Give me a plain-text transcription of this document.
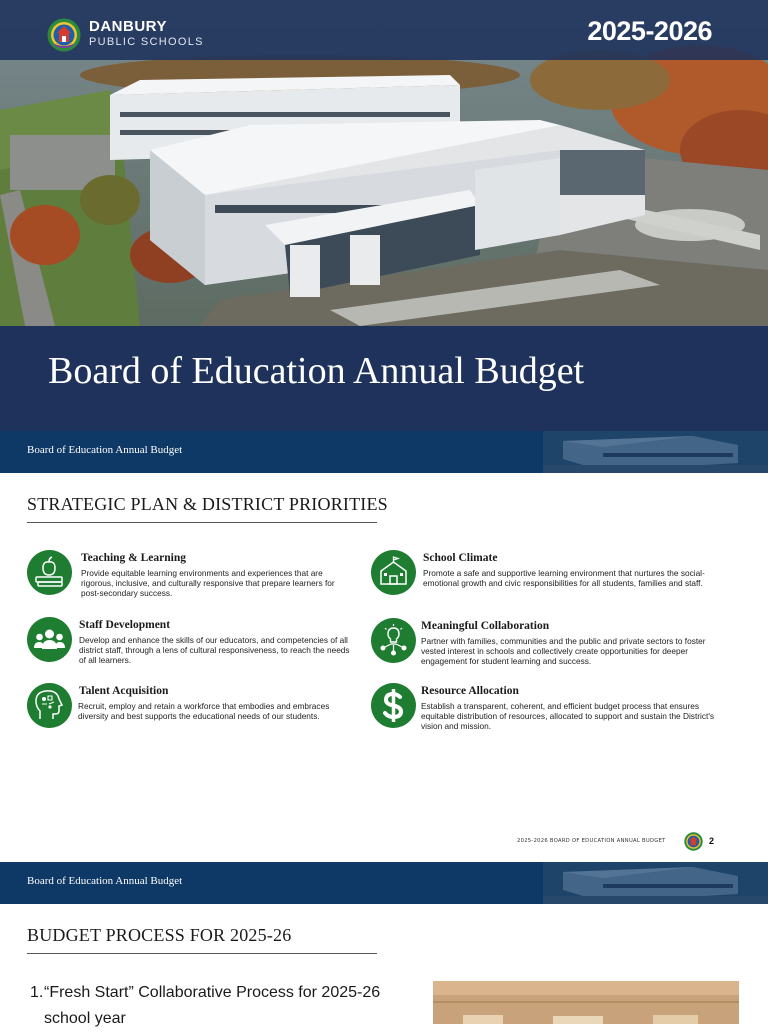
DANBURY
PUBLIC SCHOOLS	2025-2026
Board of Education Annual Budget
Board of Education Annual Budget
STRATEGIC PLAN & DISTRICT PRIORITIES
Teaching & Learning

Provide equitable learning environments and experiences that are rigorous, inclusive, and culturally responsive that prepare learners for post-secondary success.

School Climate

Promote a safe and supportive learning environment that nurtures the social-emotional growth and civic responsibilities for all students, families and staff.

Staff Development

Develop and enhance the skills of our educators, and competencies of all district staff, through a lens of cultural responsiveness, to reach the needs of all learners.

Meaningful Collaboration

Partner with families, communities and the public and private sectors to foster vested interest in schools and collectively create opportunities for deeper engagement for student learning and success.

Talent Acquisition

Recruit, employ and retain a workforce that embodies and embraces diversity and best supports the educational needs of our students.

Resource Allocation

Establish a transparent, coherent, and efficient budget process that ensures equitable distribution of resources, allocated to support and sustain the District's vision and mission.

2025-2026 BOARD OF EDUCATION ANNUAL BUDGET	2
Board of Education Annual Budget
BUDGET PROCESS FOR 2025-26
1. “Fresh Start” Collaborative Process for 2025-26 school year
